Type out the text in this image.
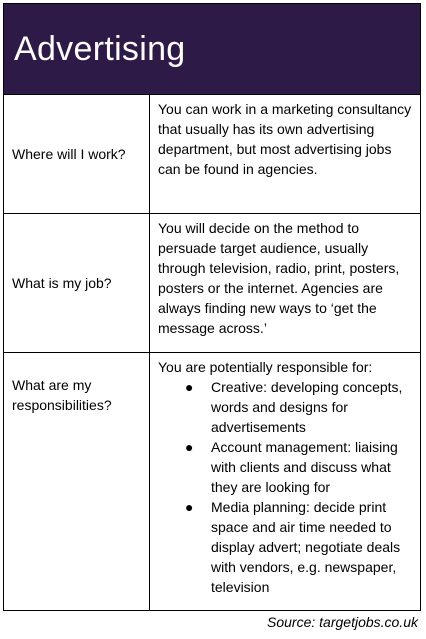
Advertising
Where will I work?
You can work in a marketing consultancy that usually has its own advertising department, but most advertising jobs can be found in agencies.
What is my job?
You will decide on the method to persuade target audience, usually through television, radio, print, posters, posters or the internet. Agencies are always finding new ways to ‘get the message across.’
What are my responsibilities?
You are potentially responsible for:
● Creative: developing concepts, words and designs for advertisements
● Account management: liaising with clients and discuss what they are looking for
● Media planning: decide print space and air time needed to display advert; negotiate deals with vendors, e.g. newspaper, television
Source: targetjobs.co.uk
